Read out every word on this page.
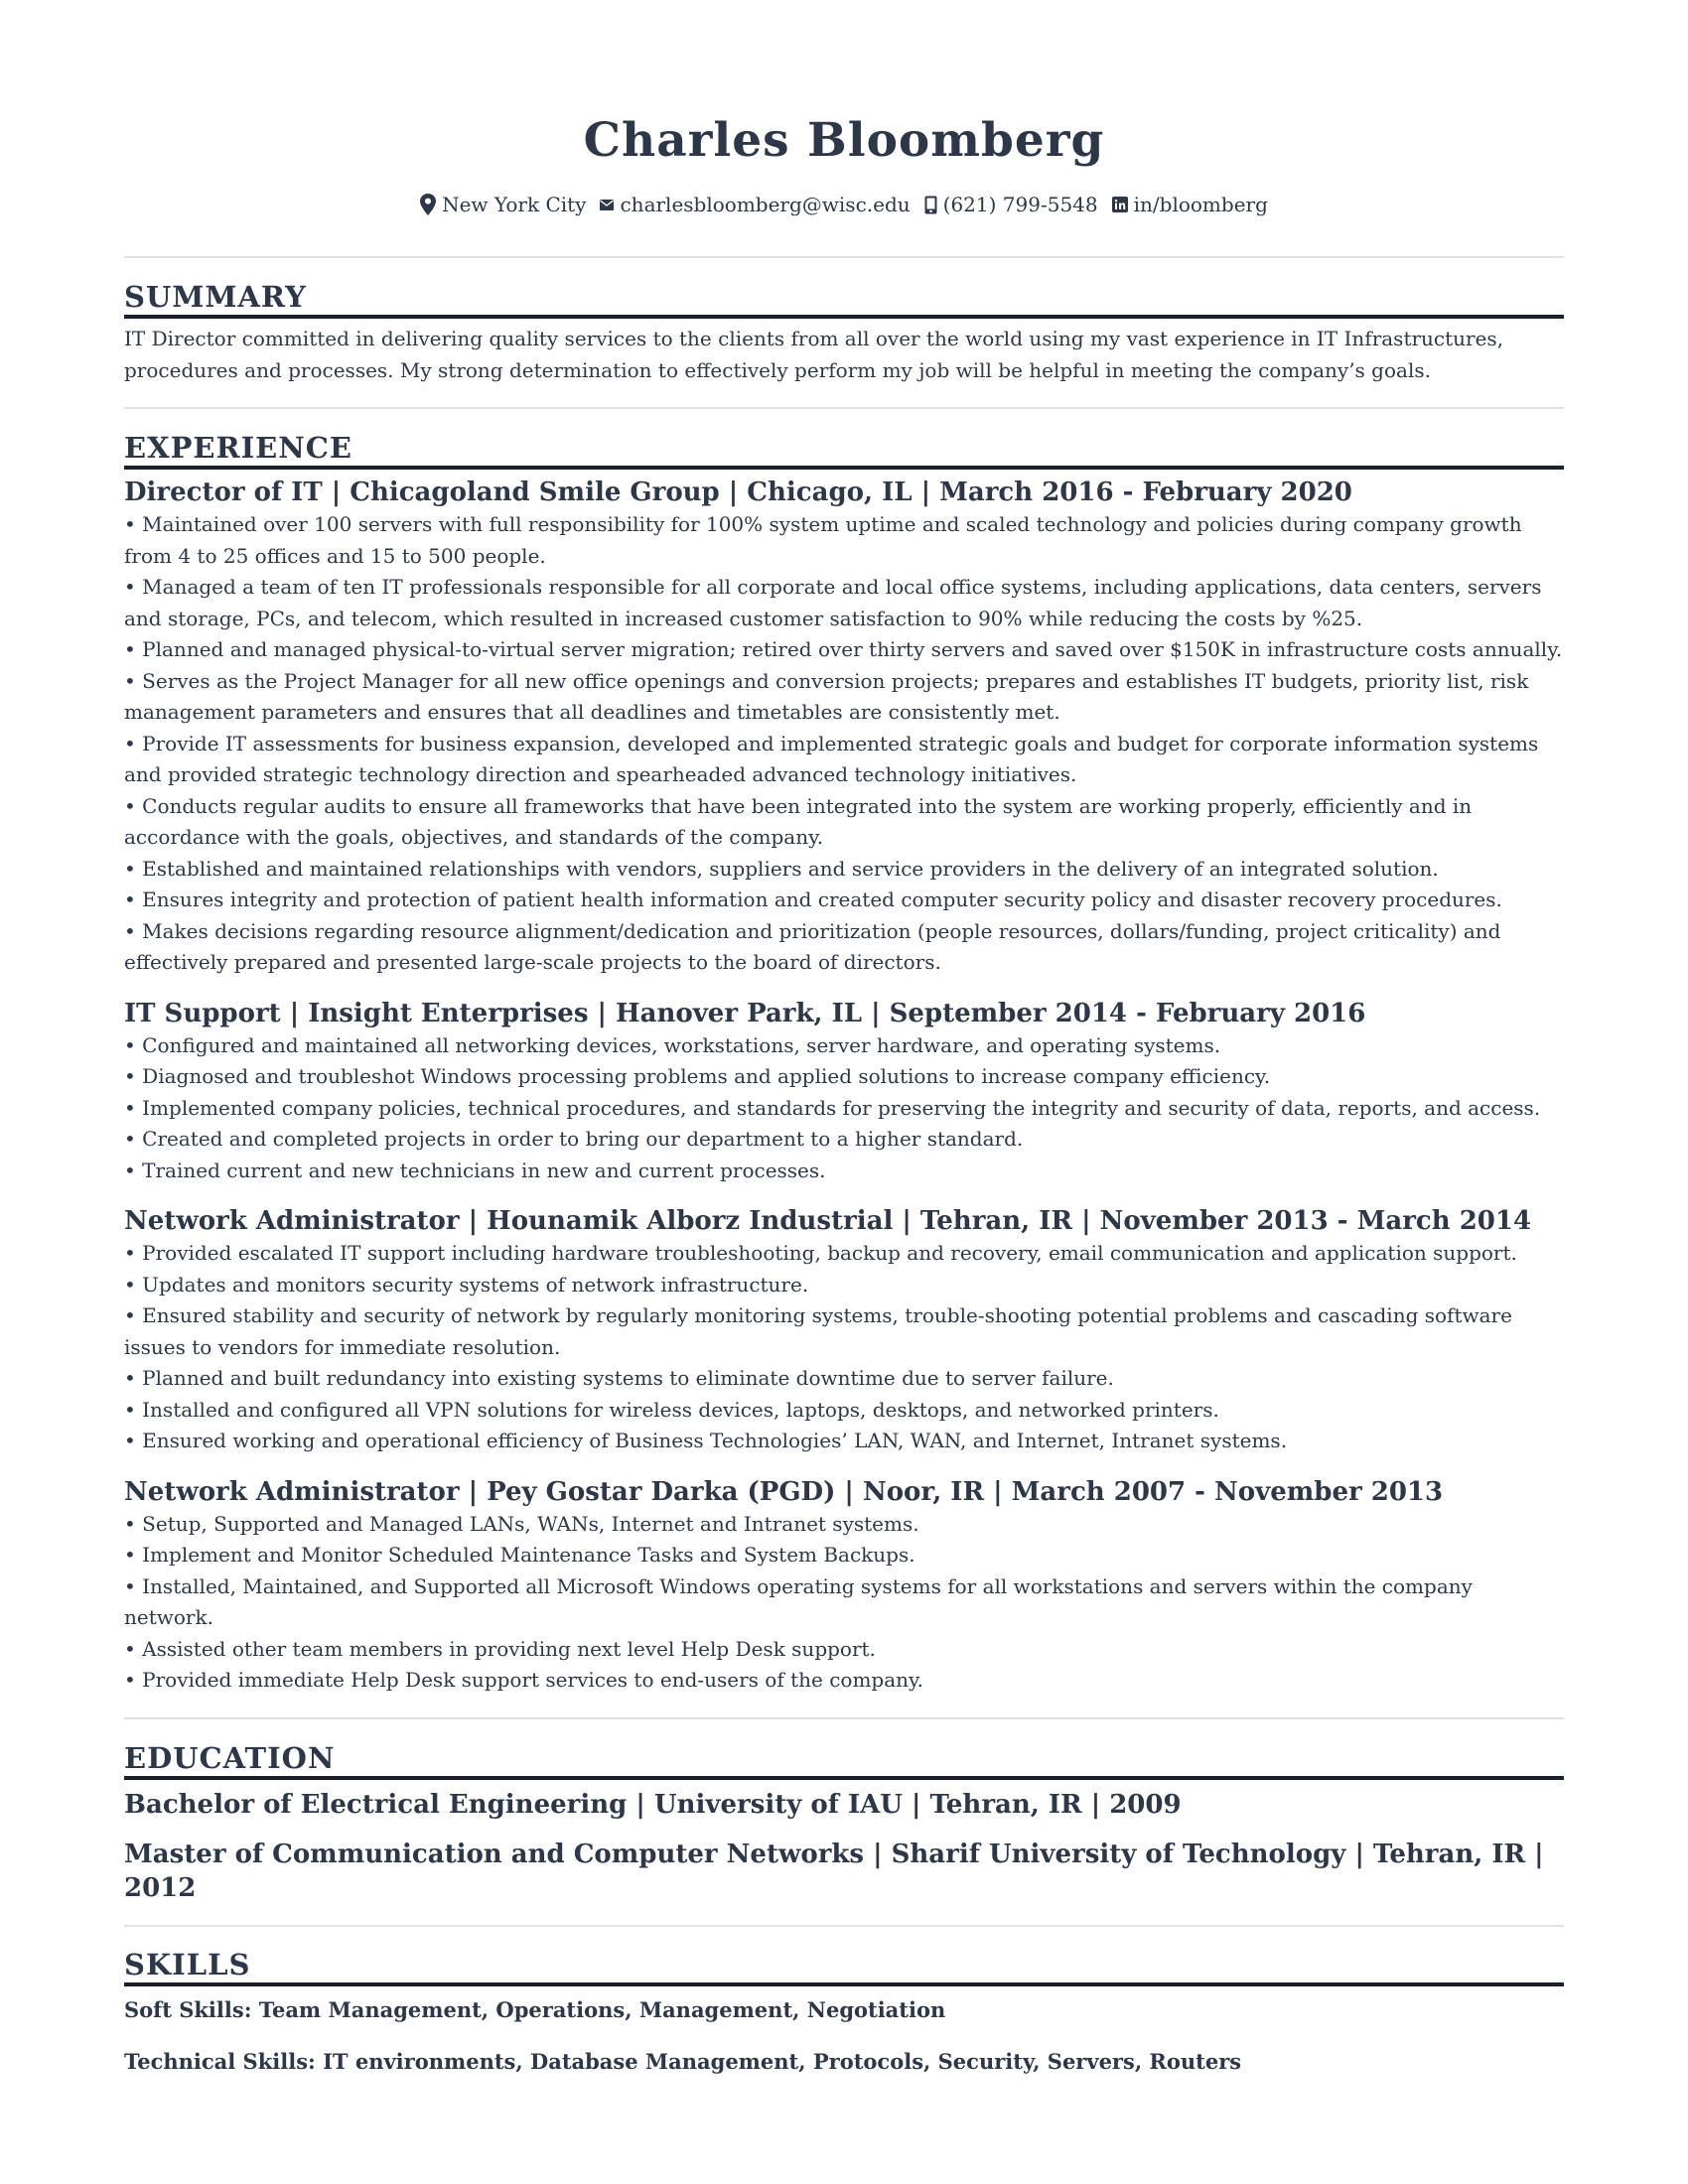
Charles Bloomberg
New York City charlesbloomberg@wisc.edu (621) 799-5548 in/bloomberg
SUMMARY

IT Director committed in delivering quality services to the clients from all over the world using my vast experience in IT Infrastructures, procedures and processes. My strong determination to effectively perform my job will be helpful in meeting the company’s goals.

EXPERIENCE
Director of IT | Chicagoland Smile Group | Chicago, IL | March 2016 - February 2020
• Maintained over 100 servers with full responsibility for 100% system uptime and scaled technology and policies during company growth from 4 to 25 offices and 15 to 500 people.
• Managed a team of ten IT professionals responsible for all corporate and local office systems, including applications, data centers, servers and storage, PCs, and telecom, which resulted in increased customer satisfaction to 90% while reducing the costs by %25.
• Planned and managed physical-to-virtual server migration; retired over thirty servers and saved over $150K in infrastructure costs annually.
• Serves as the Project Manager for all new office openings and conversion projects; prepares and establishes IT budgets, priority list, risk management parameters and ensures that all deadlines and timetables are consistently met.
• Provide IT assessments for business expansion, developed and implemented strategic goals and budget for corporate information systems and provided strategic technology direction and spearheaded advanced technology initiatives.
• Conducts regular audits to ensure all frameworks that have been integrated into the system are working properly, efficiently and in accordance with the goals, objectives, and standards of the company.
• Established and maintained relationships with vendors, suppliers and service providers in the delivery of an integrated solution.
• Ensures integrity and protection of patient health information and created computer security policy and disaster recovery procedures.
• Makes decisions regarding resource alignment/dedication and prioritization (people resources, dollars/funding, project criticality) and effectively prepared and presented large-scale projects to the board of directors.
IT Support | Insight Enterprises | Hanover Park, IL | September 2014 - February 2016
• Configured and maintained all networking devices, workstations, server hardware, and operating systems.
• Diagnosed and troubleshot Windows processing problems and applied solutions to increase company efficiency.
• Implemented company policies, technical procedures, and standards for preserving the integrity and security of data, reports, and access.
• Created and completed projects in order to bring our department to a higher standard.
• Trained current and new technicians in new and current processes.
Network Administrator | Hounamik Alborz Industrial | Tehran, IR | November 2013 - March 2014
• Provided escalated IT support including hardware troubleshooting, backup and recovery, email communication and application support.
• Updates and monitors security systems of network infrastructure.
• Ensured stability and security of network by regularly monitoring systems, trouble-shooting potential problems and cascading software issues to vendors for immediate resolution.
• Planned and built redundancy into existing systems to eliminate downtime due to server failure.
• Installed and configured all VPN solutions for wireless devices, laptops, desktops, and networked printers.
• Ensured working and operational efficiency of Business Technologies’ LAN, WAN, and Internet, Intranet systems.
Network Administrator | Pey Gostar Darka (PGD) | Noor, IR | March 2007 - November 2013
• Setup, Supported and Managed LANs, WANs, Internet and Intranet systems.
• Implement and Monitor Scheduled Maintenance Tasks and System Backups.
• Installed, Maintained, and Supported all Microsoft Windows operating systems for all workstations and servers within the company network.
• Assisted other team members in providing next level Help Desk support.
• Provided immediate Help Desk support services to end-users of the company.
EDUCATION

Bachelor of Electrical Engineering | University of IAU | Tehran, IR | 2009

Master of Communication and Computer Networks | Sharif University of Technology | Tehran, IR | 2012

SKILLS

Soft Skills: Team Management, Operations, Management, Negotiation

Technical Skills: IT environments, Database Management, Protocols, Security, Servers, Routers
